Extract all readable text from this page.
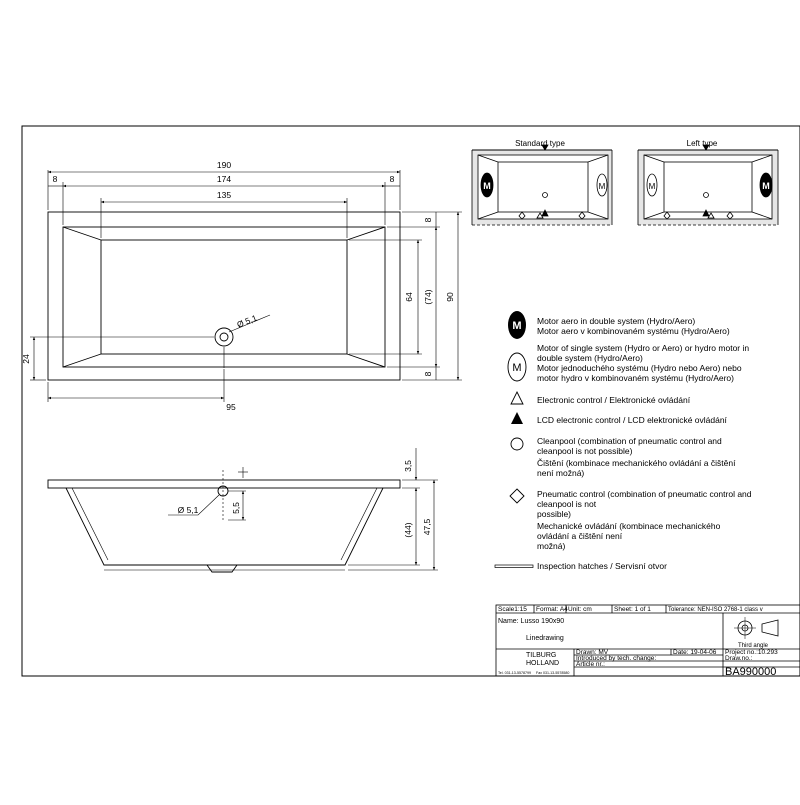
190
174
135
8	8
95
64 (74) 90
8
8
24
Ø 5,1
3,5
(44) 47,5
5,5
Ø 5,1
M	M
Standard type
M	M
Left type
M
M
Motor aero in double system (Hydro/Aero)
Motor aero v kombinovaném systému (Hydro/Aero)
Motor of single system (Hydro or Aero) or hydro motor in
double system (Hydro/Aero)
Motor jednoduchého systému (Hydro nebo Aero) nebo
motor hydro v kombinovaném systému (Hydro/Aero)
Electronic control / Elektronické ovládání
LCD electronic control / LCD elektronické ovládání
Cleanpool (combination of pneumatic control and
cleanpool is not possible)
Čištění (kombinace mechanického ovládání a čištění
není možná)
Pneumatic control (combination of pneumatic control and
cleanpool is not
possible)
Mechanické ovládání (kombinace mechanického
ovládání a čištění není
možná)
Inspection hatches / Servisní otvor
Scale1:15 Format: A4 Unit: cm	Sheet: 1 of 1	Tolerance: NEN-ISO 2768-1 class v
Name: Lusso 190x90
Linedrawing
TILBURG
HOLLAND
Tel. 031-13-5578799 Fax 031-13-5578580
Drawn: MV	Date: 19-04-06
Introduced by tech. change:
Article nr.:
Third angle
Project no.:10.293
Draw.no.:
BA990000
